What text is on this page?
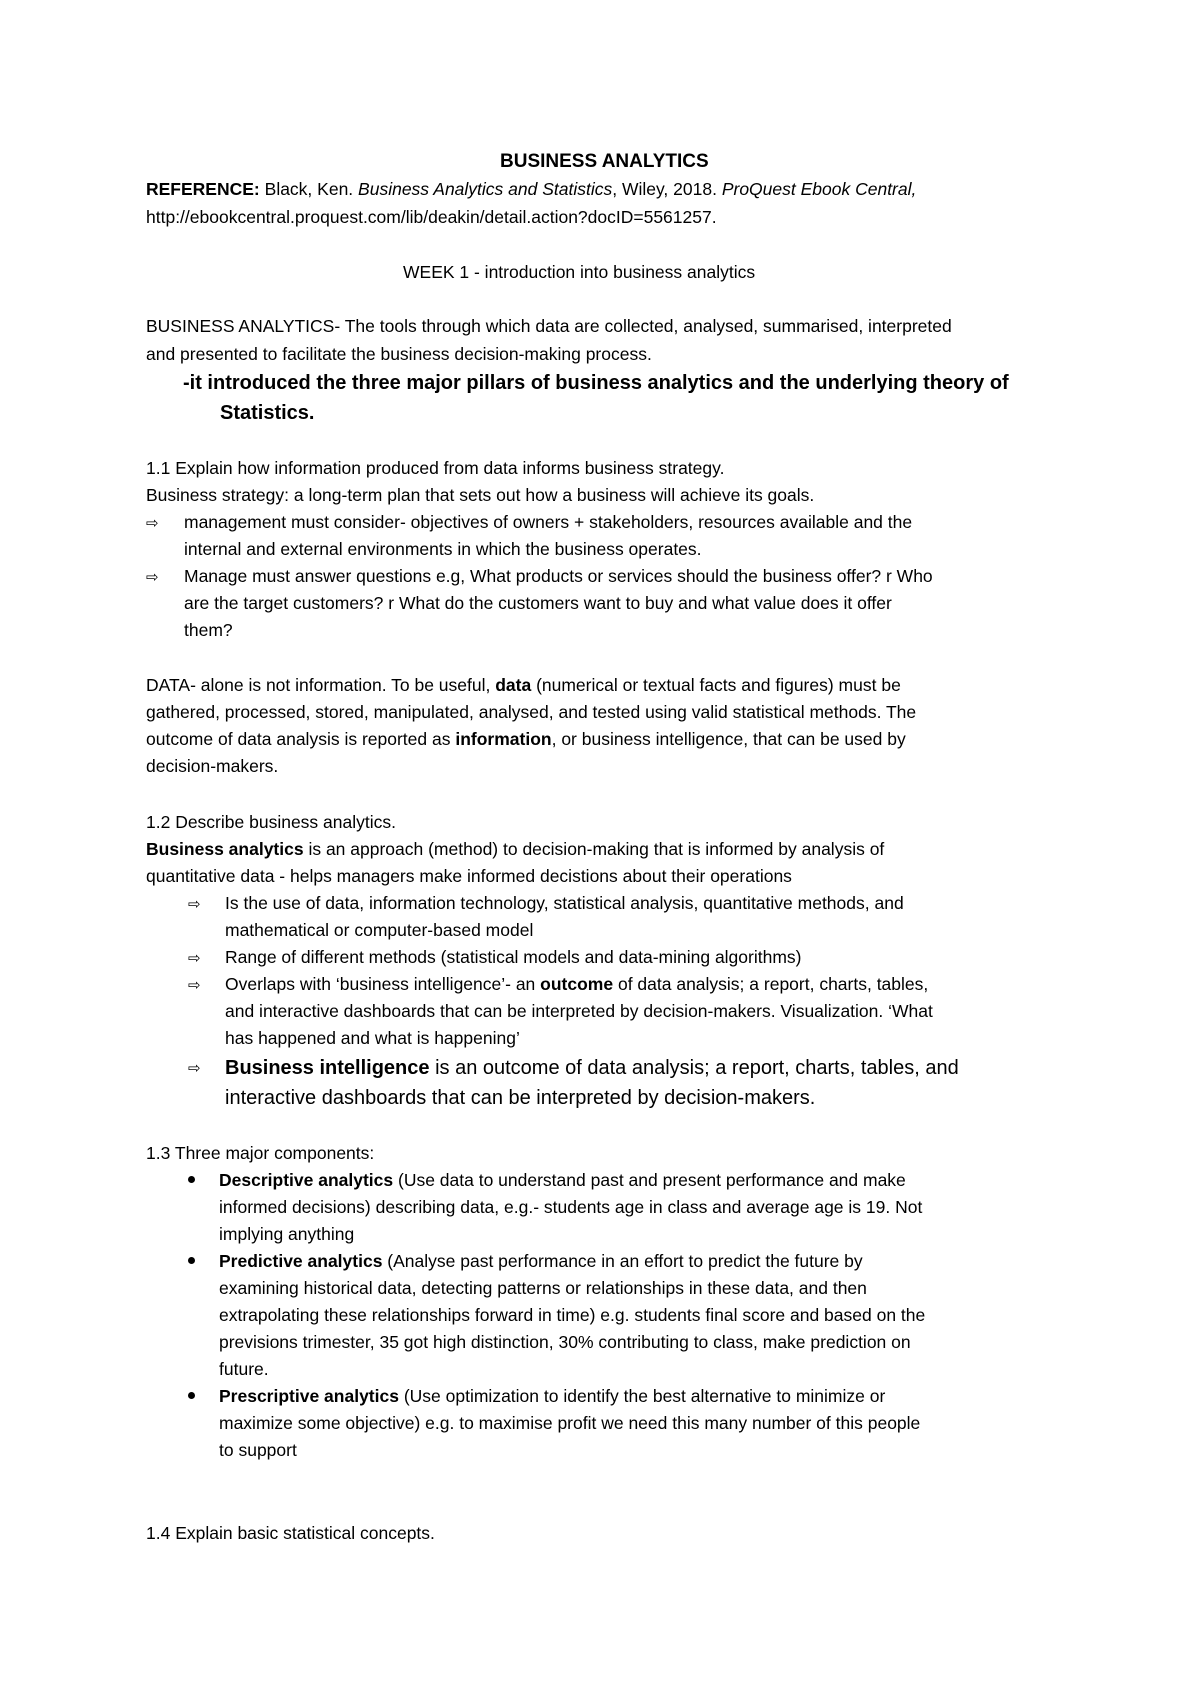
BUSINESS ANALYTICS
REFERENCE: Black, Ken. Business Analytics and Statistics, Wiley, 2018. ProQuest Ebook Central,
http://ebookcentral.proquest.com/lib/deakin/detail.action?docID=5561257.
WEEK 1 - introduction into business analytics
BUSINESS ANALYTICS- The tools through which data are collected, analysed, summarised, interpreted
and presented to facilitate the business decision-making process.
-it introduced the three major pillars of business analytics and the underlying theory of
Statistics.
1.1 Explain how information produced from data informs business strategy.
Business strategy: a long-term plan that sets out how a business will achieve its goals.
⇨ management must consider- objectives of owners + stakeholders, resources available and the
internal and external environments in which the business operates.
⇨ Manage must answer questions e.g, What products or services should the business offer? r Who
are the target customers? r What do the customers want to buy and what value does it offer
them?
DATA- alone is not information. To be useful, data (numerical or textual facts and figures) must be
gathered, processed, stored, manipulated, analysed, and tested using valid statistical methods. The
outcome of data analysis is reported as information, or business intelligence, that can be used by
decision-makers.
1.2 Describe business analytics.
Business analytics is an approach (method) to decision-making that is informed by analysis of
quantitative data - helps managers make informed decistions about their operations
⇨ Is the use of data, information technology, statistical analysis, quantitative methods, and
mathematical or computer-based model
⇨ Range of different methods (statistical models and data-mining algorithms)
⇨ Overlaps with ‘business intelligence’- an outcome of data analysis; a report, charts, tables,
and interactive dashboards that can be interpreted by decision-makers. Visualization. ‘What
has happened and what is happening’
⇨ Business intelligence is an outcome of data analysis; a report, charts, tables, and
interactive dashboards that can be interpreted by decision-makers.
1.3 Three major components:
Descriptive analytics (Use data to understand past and present performance and make
informed decisions) describing data, e.g.- students age in class and average age is 19. Not
implying anything
Predictive analytics (Analyse past performance in an effort to predict the future by
examining historical data, detecting patterns or relationships in these data, and then
extrapolating these relationships forward in time) e.g. students final score and based on the
previsions trimester, 35 got high distinction, 30% contributing to class, make prediction on
future.
Prescriptive analytics (Use optimization to identify the best alternative to minimize or
maximize some objective) e.g. to maximise profit we need this many number of this people
to support
1.4 Explain basic statistical concepts.
